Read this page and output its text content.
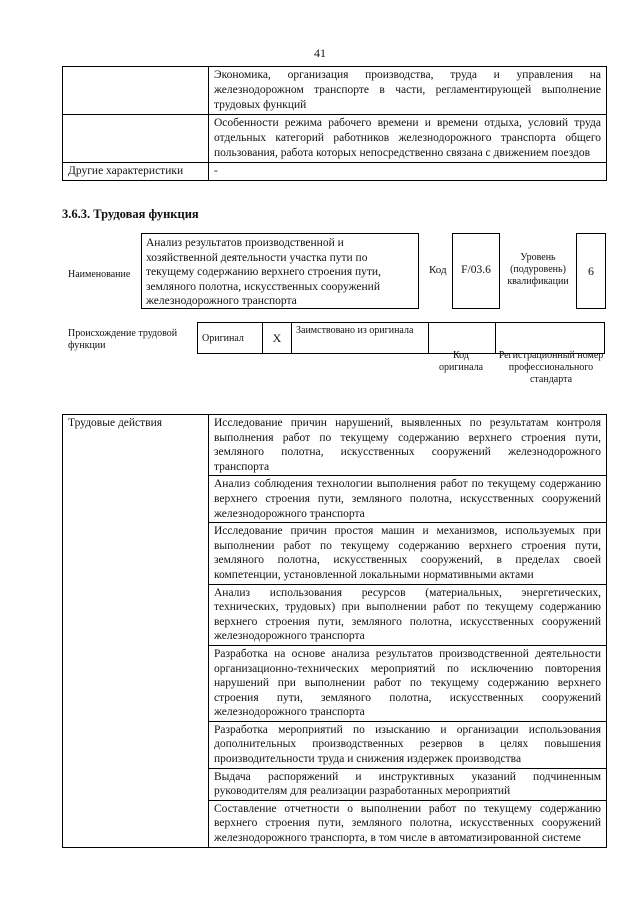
41
	Экономика, организация производства, труда и управления на железнодорожном транспорте в части, регламентирующей выполнение трудовых функций
	Особенности режима рабочего времени и времени отдыха, условий труда отдельных категорий работников железнодорожного транспорта общего пользования, работа которых непосредственно связана с движением поездов
Другие характеристики	-
3.6.3. Трудовая функция
Наименование
Анализ результатов производственной и хозяйственной деятельности участка пути по текущему содержанию верхнего строения пути, земляного полотна, искусственных сооружений железнодорожного транспорта
Код	F/03.6
Уровень (подуровень) квалификации
6
Происхождение трудовой функции
Оригинал	X	Заимствовано из оригинала		
Код оригинала
Регистрационный номер профессионального стандарта
Трудовые действия	Исследование причин нарушений, выявленных по результатам контроля выполнения работ по текущему содержанию верхнего строения пути, земляного полотна, искусственных сооружений железнодорожного транспорта
Анализ соблюдения технологии выполнения работ по текущему содержанию верхнего строения пути, земляного полотна, искусственных сооружений железнодорожного транспорта
Исследование причин простоя машин и механизмов, используемых при выполнении работ по текущему содержанию верхнего строения пути, земляного полотна, искусственных сооружений, в пределах своей компетенции, установленной локальными нормативными актами
Анализ использования ресурсов (материальных, энергетических, технических, трудовых) при выполнении работ по текущему содержанию верхнего строения пути, земляного полотна, искусственных сооружений железнодорожного транспорта
Разработка на основе анализа результатов производственной деятельности организационно-технических мероприятий по исключению повторения нарушений при выполнении работ по текущему содержанию верхнего строения пути, земляного полотна, искусственных сооружений железнодорожного транспорта
Разработка мероприятий по изысканию и организации использования дополнительных производственных резервов в целях повышения производительности труда и снижения издержек производства
Выдача распоряжений и инструктивных указаний подчиненным руководителям для реализации разработанных мероприятий
Составление отчетности о выполнении работ по текущему содержанию верхнего строения пути, земляного полотна, искусственных сооружений железнодорожного транспорта, в том числе в автоматизированной системе
